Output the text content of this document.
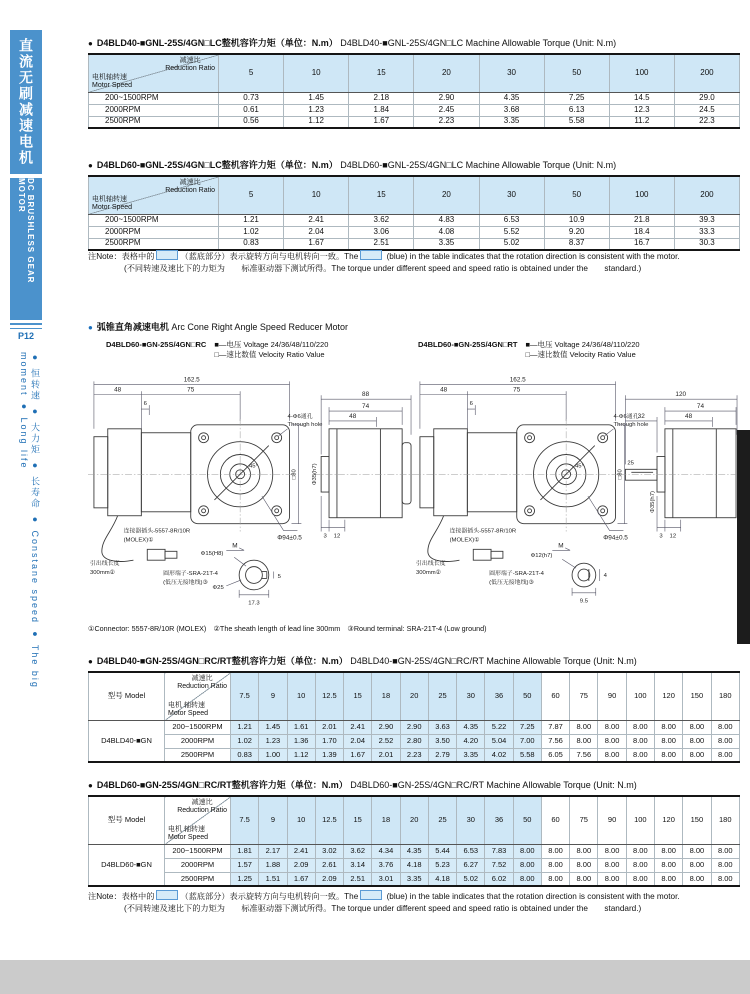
直流无刷减速电机
DC BRUSHLESS GEAR MOTOR
P12
● 恒转速 ● 大力矩 ● 长寿命 ● Constane speed ● The big moment ● Long life
● D4BLD40-■GNL-25S/4GN□LC整机容许力矩（单位：N.m） D4BLD40-■GNL-25S/4GN□LC Machine Allowable Torque (Unit: N.m)
减速比
Reduction Ratio
电机轴转速
Motor Speed	5	10	15	20	30	50	100	200
200~1500RPM	0.73	1.45	2.18	2.90	4.35	7.25	14.5	29.0
2000RPM	0.61	1.23	1.84	2.45	3.68	6.13	12.3	24.5
2500RPM	0.56	1.12	1.67	2.23	3.35	5.58	11.2	22.3
● D4BLD60-■GNL-25S/4GN□LC整机容许力矩（单位：N.m） D4BLD60-■GNL-25S/4GN□LC Machine Allowable Torque (Unit: N.m)
减速比
Reduction Ratio
电机轴转速
Motor Speed	5	10	15	20	30	50	100	200
200~1500RPM	1.21	2.41	3.62	4.83	6.53	10.9	21.8	39.3
2000RPM	1.02	2.04	3.06	4.08	5.52	9.20	18.4	33.3
2500RPM	0.83	1.67	2.51	3.35	5.02	8.37	16.7	30.3
注Note：表格中的	（蓝底部分）表示旋转方向与电机转向一致。The	(blue) in the table indicates that the rotation direction is consistent with the motor.
(不同转速及速比下的力矩为　　标准驱动器下测试所得。The torque under different speed and speed ratio is obtained under the　　standard.)
● 弧锥直角减速电机 Arc Cone Right Angle Speed Reducer Motor
D4BLD60-■GN-25S/4GN□RC ■—电压 Voltage 24/36/48/110/220
□—速比数值 Velocity Ratio Value
D4BLD60-■GN-25S/4GN□RT ■—电压 Voltage 24/36/48/110/220
□—速比数值 Velocity Ratio Value
162.5
48	75
6
45°
4-Φ6通孔
Through hole
□80
Φ94±0.5
M
连接器插头-5557-8R/10R
(MOLEX)①
引出线长度
300mm②	圆形端子-SRA-21T-4
(低压无接地线)③
88
74
48
Φ35(h7)
3 12
Φ15(H8)
Φ25
17.3
5
162.5
48	75
6
45°
4-Φ6通孔
Through hole
□80
Φ94±0.5
M
连接器插头-5557-8R/10R
(MOLEX)①
引出线长度
300mm②	圆形端子-SRA-21T-4
(低压无接地线)③
120
74
32	48
25
Φ35(h7)
3 12
Φ12(h7)
9.5
4
①Connector: 5557-8R/10R (MOLEX)　②The sheath length of lead line 300mm　③Round terminal: SRA-21T-4 (Low ground)
● D4BLD40-■GN-25S/4GN□RC/RT整机容许力矩（单位：N.m） D4BLD40-■GN-25S/4GN□RC/RT Machine Allowable Torque (Unit: N.m)
型号 Model	减速比
Reduction Ratio
电机 轴转速
Motor Speed	7.5	9	10	12.5	15	18	20	25	30	36	50	60	75	90	100	120	150	180
D4BLD40-■GN	200~1500RPM	1.21	1.45	1.61	2.01	2.41	2.90	2.90	3.63	4.35	5.22	7.25	7.87	8.00	8.00	8.00	8.00	8.00	8.00
	2000RPM	1.02	1.23	1.36	1.70	2.04	2.52	2.80	3.50	4.20	5.04	7.00	7.56	8.00	8.00	8.00	8.00	8.00	8.00
	2500RPM	0.83	1.00	1.12	1.39	1.67	2.01	2.23	2.79	3.35	4.02	5.58	6.05	7.56	8.00	8.00	8.00	8.00	8.00
● D4BLD60-■GN-25S/4GN□RC/RT整机容许力矩（单位：N.m） D4BLD60-■GN-25S/4GN□RC/RT Machine Allowable Torque (Unit: N.m)
型号 Model	减速比
Reduction Ratio
电机 轴转速
Motor Speed	7.5	9	10	12.5	15	18	20	25	30	36	50	60	75	90	100	120	150	180
D4BLD60-■GN	200~1500RPM	1.81	2.17	2.41	3.02	3.62	4.34	4.35	5.44	6.53	7.83	8.00	8.00	8.00	8.00	8.00	8.00	8.00	8.00
	2000RPM	1.57	1.88	2.09	2.61	3.14	3.76	4.18	5.23	6.27	7.52	8.00	8.00	8.00	8.00	8.00	8.00	8.00	8.00
	2500RPM	1.25	1.51	1.67	2.09	2.51	3.01	3.35	4.18	5.02	6.02	8.00	8.00	8.00	8.00	8.00	8.00	8.00	8.00
注Note：表格中的	（蓝底部分）表示旋转方向与电机转向一致。The	(blue) in the table indicates that the rotation direction is consistent with the motor.
(不同转速及速比下的力矩为　　标准驱动器下测试所得。The torque under different speed and speed ratio is obtained under the　　standard.)
